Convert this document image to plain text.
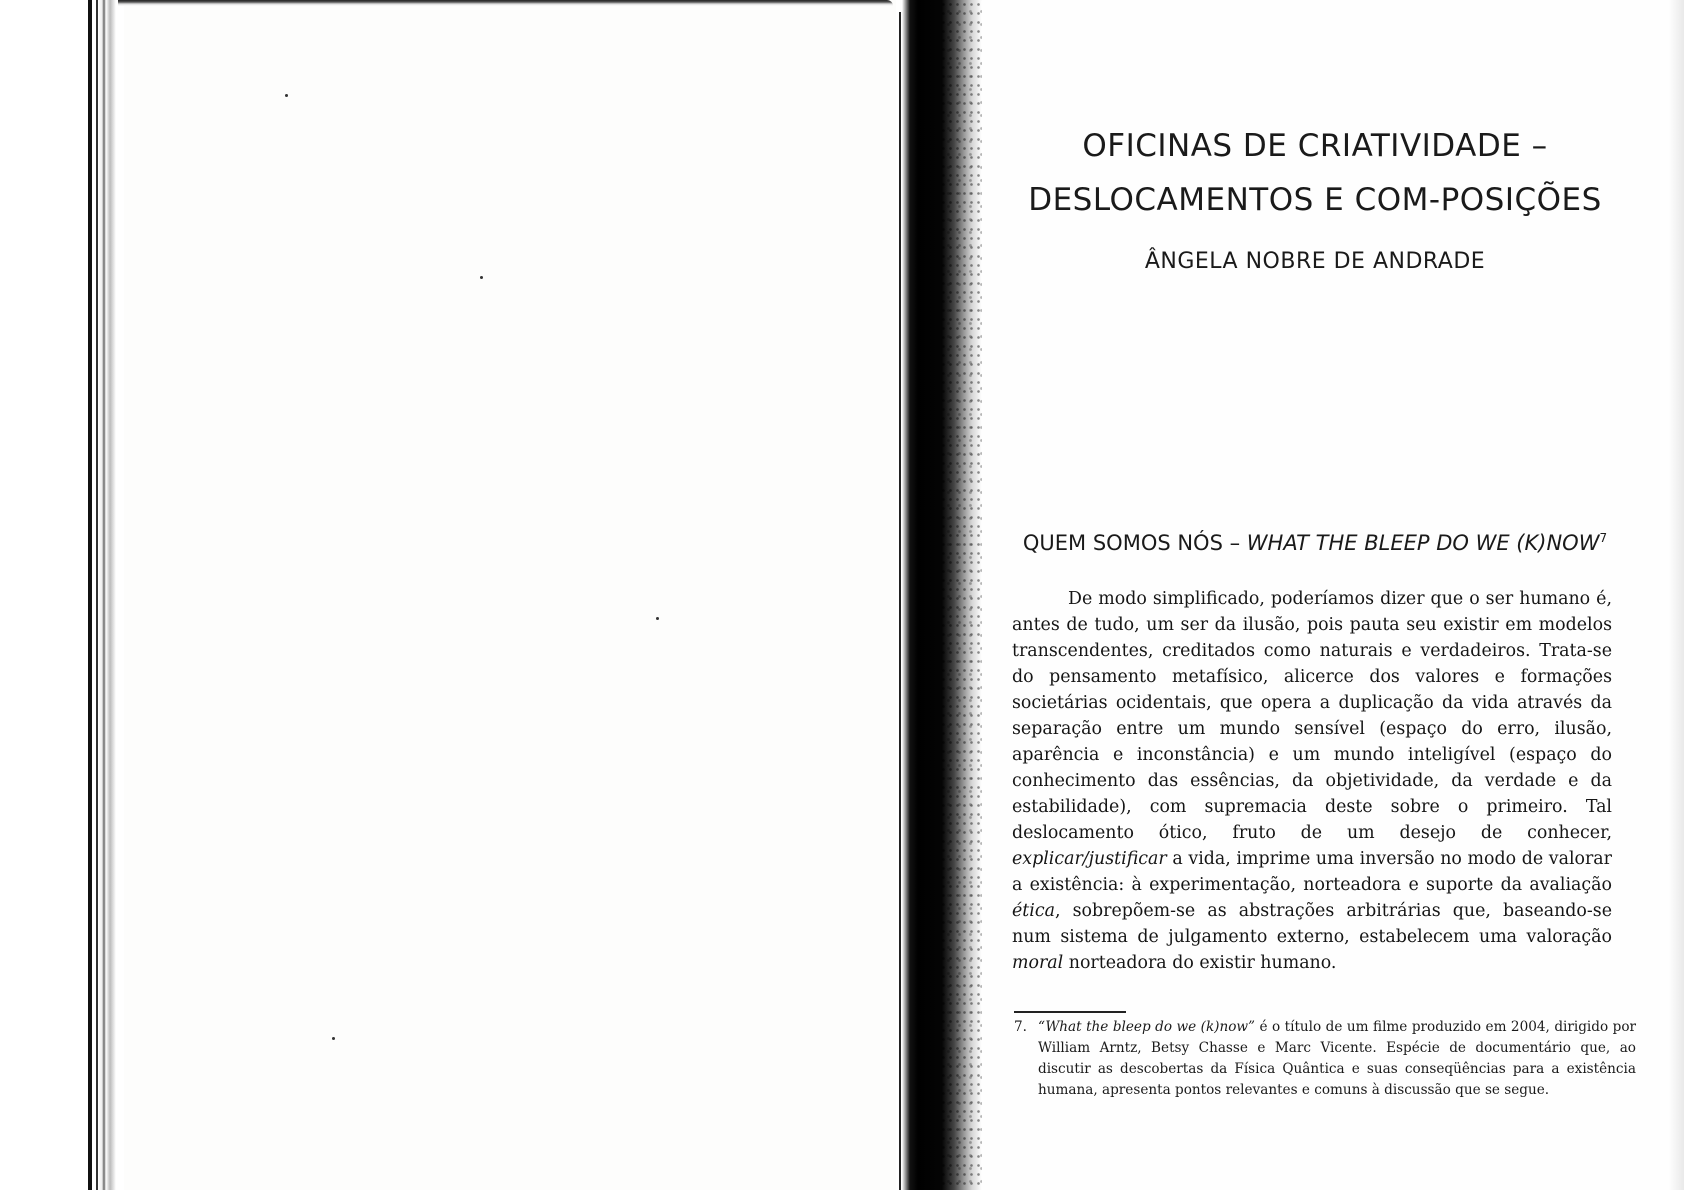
OFICINAS DE CRIATIVIDADE –
DESLOCAMENTOS E COM-POSIÇÕES
ÂNGELA NOBRE DE ANDRADE
QUEM SOMOS NÓS – WHAT THE BLEEP DO WE (K)NOW$^7$

De modo simplificado, poderíamos dizer que o ser humano é, antes de tudo, um ser da ilusão, pois pauta seu existir em modelos transcendentes, creditados como naturais e verdadeiros. Trata-se do pensamento metafísico, alicerce dos valores e formações societárias ocidentais, que opera a duplicação da vida através da separação entre um mundo sensível (espaço do erro, ilusão, aparência e inconstância) e um mundo inteligível (espaço do conhecimento das essências, da objetividade, da verdade e da estabilidade), com supremacia deste sobre o primeiro. Tal deslocamento ótico, fruto de um desejo de conhecer, explicar/justificar a vida, imprime uma inversão no modo de valorar a existência: à experimentação, norteadora e suporte da avaliação ética, sobrepõem-se as abstrações arbitrárias que, baseando-se num sistema de julgamento externo, estabelecem uma valoração moral norteadora do existir humano.

7. “What the bleep do we (k)now” é o título de um filme produzido em 2004, dirigido por William Arntz, Betsy Chasse e Marc Vicente. Espécie de documentário que, ao discutir as descobertas da Física Quântica e suas conseqüências para a existência humana, apresenta pontos relevantes e comuns à discussão que se segue.
